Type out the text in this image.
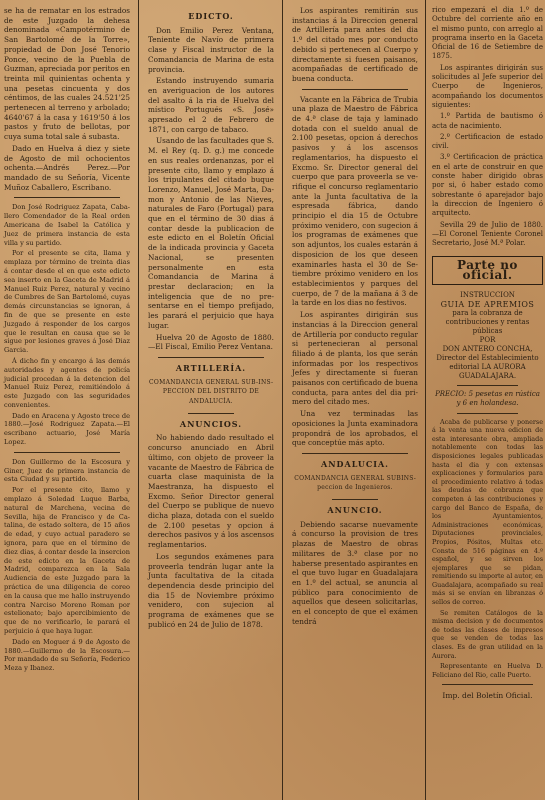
se ha de rematar en los estrados de este Juzgado la dehesa denominada «Campotérmino de San Bartolomé de la Torre», propiedad de Don José Tenorio Ponce, vecino de la Puebla de Guzman, apreciada por peritos en treinta mil quinientas ochenta y una pesetas cincuenta y dos céntimos, de las cuales 24.521'25 pertenecen al terreno y arbolado; 4640'67 á la casa y 1619'50 á los pastos y fruto de bellotas, por cuya suma total sale á subasta.

Dado en Huelva á diez y siete de Agosto de mil ochocientos ochenta.—Andrés Perez.—Por mandado de su Señoría, Vicente Muñoz Caballero, Escribano.

Don José Rodriguez Zapata, Caballero Comendador de la Real orden Americana de Isabel la Católica y Juez de primera instancia de esta villa y su partido.

Por el presente se cita, llama y emplaza por término de treinta dias á contar desde el en que este edicto sea inserto en la Gaceta de Madrid á Manuel Ruiz Perez, natural y vecino de Cumbres de San Bartolomé, cuyas demás circunstancias se ignoran, á fin de que se presente en este Juzgado á responder de los cargos que le resultan en causa que se le sigue por lesiones graves á José Diaz Garcia.

Á dicho fin y encargo á las demás autoridades y agentes de policía judicial procedan á la detencion del Manuel Ruiz Perez, remitiéndolo á este Juzgado con las seguridades convenientes.

Dado en Aracena y Agosto trece de 1880.—José Rodriguez Zapata.—El escribano actuario, José María Lopez.

Don Guillermo de la Escosura y Giner, Juez de primera instancia de esta Ciudad y su partido.

Por el presente cito, llamo y emplazo á Soledad Luque Barba, natural de Marchena, vecina de Sevilla, hija de Francisco y de Catalina, de estado soltera, de 15 años de edad, y cuyo actual paradero se ignora, para que en el término de diez dias, á contar desde la insercion de este edicto en la Gaceta de Madrid, comparezca en la Sala Audiencia de este Juzgado para la práctica de una diligencia de coreo en la causa que me hallo instruyendo contra Narciso Moreno Roman por estelionato; bajo apercibimiento de que de no verificarlo, le parará el perjuicio á que haya lugar.

Dado en Moguer á 9 de Agosto de 1880.—Guillermo de la Escosura.—Por mandado de su Señoría, Federico Meza y Ibanez.

EDICTO.

Don Emilio Perez Ventana, Teniente de Navío de primera clase y Fiscal instructor de la Comandancia de Marina de esta provincia.

Estando instruyendo sumaria en averiguacion de los autores del asalto á la ria de Huelva del místico Portugués «S. José» apresado el 2 de Febrero de 1871, con cargo de tabaco.

Usando de las facultades que S. M. el Rey (q. D. g.) me concede en sus reales ordenanzas, por el presente cito, llamo y emplazo á los tripulantes del citado buque Lorenzo, Manuel, José Marta, Damon y Antonio de las Nieves, naturales de Faro (Portugal) para que en el término de 30 dias á contar desde la publicacion de este edicto en el Boletín Oficial de la indicada provincia y Gaceta Nacional, se presenten personalmente en esta Comandancia de Marina á prestar declaracion; en la inteligencia que de no presentarse en el tiempo prefijado, les parará el perjuicio que haya lugar.

Huelva 20 de Agosto de 1880.—El Fiscal, Emilio Perez Ventana.

ARTILLERÍA.
COMANDANCIA GENERAL SUB-INSPECCION DEL DISTRITO DE ANDALUCÍA.
ANUNCIOS.

No habiendo dado resultado el concurso anunciado en Abril último, con objeto de proveer la vacante de Maestro de Fábrica de cuarta clase maquinista de la Maestranza, ha dispuesto el Excmo. Señor Director general del Cuerpo se publique de nuevo dicha plaza, dotada con el sueldo de 2.100 pesetas y opcion á derechos pasivos y á los ascensos reglamentarios.

Los segundos exámenes para proveerla tendrán lugar ante la Junta facultativa de la citada dependencia desde principio del dia 15 de Noviembre próximo venidero, con sujecion al programa de exámenes que se publicó en 24 de Julio de 1878.

Los aspirantes remitirán sus instancias á la Direccion general de Artillería para antes del dia 1.º del citado mes por conducto debido si pertenecen al Cuerpo y directamente si fuesen paisanos, acompañadas de certificado de buena conducta.

Vacante en la Fábrica de Trubia una plaza de Maestro de Fábrica de 4.ª clase de taja y laminado dotada con el sueldo anual de 2.100 pesetas, opcion á derechos pasivos y á los ascensos reglamentarios, ha dispuesto el Excmo. Sr. Director general del cuerpo que para proveerla se verifique el concurso reglamentario ante la Junta facultativa de la espresada fábrica, dando principio el dia 15 de Octubre próximo venidero, con sugecion á los programas de exámenes que son adjuntos, los cuales estarán á disposicion de los que deseen examinarles hasta el 30 de Setiembre próximo venidero en los establecimientos y parques del cuerpo, de 7 de la mañana á 3 de la tarde en los dias no festivos.

Los aspirantes dirigirán sus instancias á la Direccion general de Artillería por conducto regular si pertenecieran al personal filiado á de planta, los que serán informadas por los respectivos Jefes y directamente si fueran paisanos con certificado de buena conducta, para antes del dia primero del citado mes.

Una vez terminadas las oposiciones la Junta examinadora propondrá de los aprobados, el que conceptúe más apto.

ANDALUCIA.
COMANDANCIA GENERAL SUBINSpeccion de Ingenieros.
ANUNCIO.

Debiendo sacarse nuevamente á concurso la provision de tres plazas de Maestro de obras militares de 3.ª clase por no haberse presentado aspirantes en el que tuvo lugar en Guadalajara en 1.º del actual, se anuncia al público para conocimiento de aquellos que deseen solicitarlas, en el concepto de que el exámen tendrá

rico empezará el dia 1.º de Octubre del corriente año en el mismo punto, con arreglo al programa inserto en la Gaceta Oficial de 16 de Setiembre de 1875.

Los aspirantes dirigirán sus solicitudes al Jefe superior del Cuerpo de Ingenieros, acompañando los documentos siguientes:

1.º Partida de bautismo ó acta de nacimiento.

2.º Certificacion de estado civil.

3.º Certificacion de práctica en el arte de construir en que conste haber dirigido obras por si, ó haber estado como sobrestante ó aparejador bajo la direccion de Ingeniero ó arquitecto.

Sevilla 29 de Julio de 1880.—El Coronel Teniente Coronel Secretario, José M.ª Polar.

Parte no oficial.
INSTRUCCION
GUIA DE APREMIOS
para la cobranza de contribuciones y rentas públicas
POR
DON ANTERO CONCHA,
Director del Establecimiento editorial LA AURORA
GUADALAJARA.

PRECIO: 5 pesetas en rústica y 6 en holandesa.

Acaba de publicarse y ponerse á la venta una nueva edicion de esta interesante obra, ampliada notablemente con todas las disposiciones legales publicadas hasta el dia y con extensas explicaciones y formularios para el procedimiento relativo á todas las deudas de cobranza que competen á las contribuciones y cargo del Banco de España, de los Ayuntamientos, Administraciones económicas, Diputaciones provinciales, Propios, Pósitos, Multas etc. Consta de 516 páginas en 4.º español, y se sirven los ejemplares que se pidan, remitiendo su importe al autor, en Guadalajara, acompañado su real más si se envían en libranzas ó sellos de correo.

Se remiten Catálogos de la misma decision y de documentos de todas las clases de impresos que se venden de todas las clases. Es de gran utilidad en la Aurora.

Representante en Huelva D. Feliciano del Rio, calle Puerto.

Imp. del Boletín Oficial.
